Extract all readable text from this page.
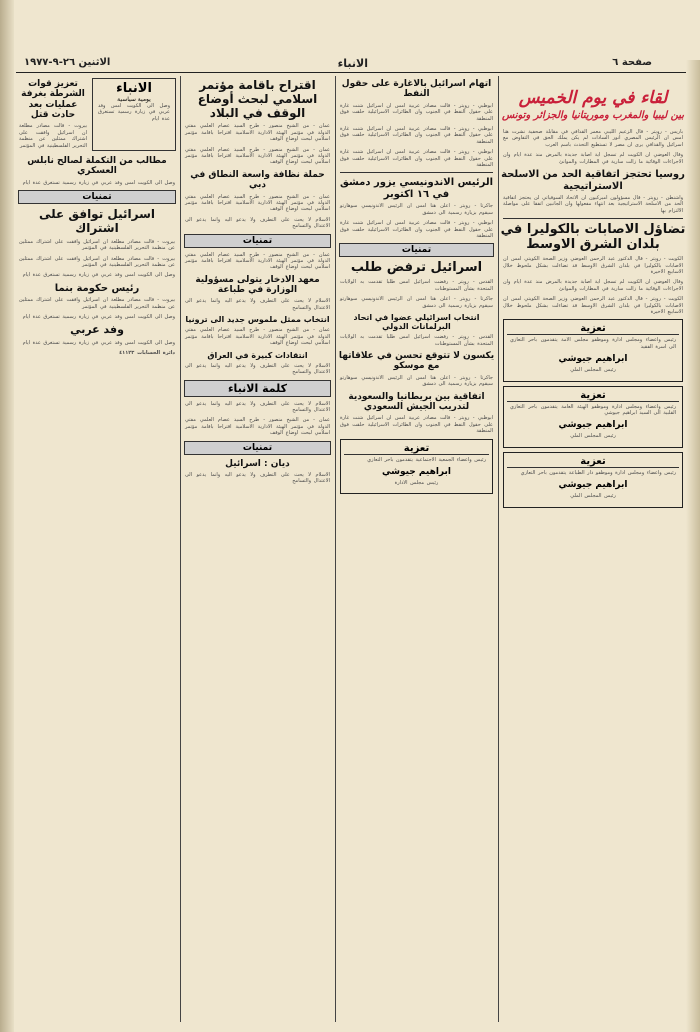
صفحة ٦
الانباء
الاثنين ٢٦-٩-١٩٧٧
لقاء في يوم الخميس
بين ليبيا والمغرب وموريتانيا والجزائر وتونس
باريس - رويتر - قال الزعيم الليبي معمر القذافي في مقابلة صحفية نشرت هنا امس ان الرئيس المصري انور السادات لم يكن يملك الحق في التفاوض مع اسرائيل والقذافي يرى ان مصر لا تستطيع التحدث باسم العرب
وقال العوضي ان الكويت لم تسجل اية اصابة جديدة بالمرض منذ عدة ايام وان الاجراءات الوقائية ما زالت سارية في المطارات والموانئ
روسيا تحتجز اتفاقية الحد من الاسلحة الاستراتيجية
واشنطن - رويتر - قال مسؤولون اميركيون ان الاتحاد السوفياتي لن يحتجز اتفاقية الحد من الاسلحة الاستراتيجية بعد انتهاء مفعولها وان الجانبين اتفقا على مواصلة الالتزام بها
تضاؤل الاصابات بالكوليرا في بلدان الشرق الاوسط
الكويت - رويتر - قال الدكتور عبد الرحمن العوضي وزير الصحة الكويتي امس ان الاصابات بالكوليرا في بلدان الشرق الاوسط قد تضاءلت بشكل ملحوظ خلال الاسابيع الاخيرة
وقال العوضي ان الكويت لم تسجل اية اصابة جديدة بالمرض منذ عدة ايام وان الاجراءات الوقائية ما زالت سارية في المطارات والموانئ
الكويت - رويتر - قال الدكتور عبد الرحمن العوضي وزير الصحة الكويتي امس ان الاصابات بالكوليرا في بلدان الشرق الاوسط قد تضاءلت بشكل ملحوظ خلال الاسابيع الاخيرة
تعزية
رئيس واعضاء ومجلس ادارة وموظفو مجلس الامة يتقدمون باحر التعازي الى اسرة الفقيد
ابراهيم جيوشي
رئيس المجلس الملي
تعزية
رئيس واعضاء ومجلس ادارة وموظفو الهيئة العامة يتقدمون باحر التعازي القلبية الى السيد ابراهيم جيوشي
ابراهيم جيوشي
رئيس المجلس الملي
تعزية
رئيس واعضاء ومجلس ادارة وموظفو دار الطباعة يتقدمون باحر التعازي
ابراهيم جيوشي
رئيس المجلس الملي
اتهام اسرائيل بالاغارة على حقول النفط
ابوظبي - رويتر - قالت مصادر عربية امس ان اسرائيل شنت غارة على حقول النفط في الجنوب وان الطائرات الاسرائيلية حلقت فوق المنطقة
ابوظبي - رويتر - قالت مصادر عربية امس ان اسرائيل شنت غارة على حقول النفط في الجنوب وان الطائرات الاسرائيلية حلقت فوق المنطقة
ابوظبي - رويتر - قالت مصادر عربية امس ان اسرائيل شنت غارة على حقول النفط في الجنوب وان الطائرات الاسرائيلية حلقت فوق المنطقة
الرئيس الاندونيسي يزور دمشق في ١٦ اكتوبر
جاكرتا - رويتر - اعلن هنا امس ان الرئيس الاندونيسي سوهارتو سيقوم بزيارة رسمية الى دمشق
ابوظبي - رويتر - قالت مصادر عربية امس ان اسرائيل شنت غارة على حقول النفط في الجنوب وان الطائرات الاسرائيلية حلقت فوق المنطقة
تمنيات
اسرائيل ترفض طلب
القدس - رويتر - رفضت اسرائيل امس طلبا تقدمت به الولايات المتحدة بشأن المستوطنات
جاكرتا - رويتر - اعلن هنا امس ان الرئيس الاندونيسي سوهارتو سيقوم بزيارة رسمية الى دمشق
انتخاب اسرائيلي عضوا في اتحاد البرلمانات الدولي
القدس - رويتر - رفضت اسرائيل امس طلبا تقدمت به الولايات المتحدة بشأن المستوطنات
يكسون لا تتوقع تحسن في علاقاتها مع موسكو
جاكرتا - رويتر - اعلن هنا امس ان الرئيس الاندونيسي سوهارتو سيقوم بزيارة رسمية الى دمشق
اتفاقية بين بريطانيا والسعودية لتدريب الجيش السعودي
ابوظبي - رويتر - قالت مصادر عربية امس ان اسرائيل شنت غارة على حقول النفط في الجنوب وان الطائرات الاسرائيلية حلقت فوق المنطقة
تعزية
رئيس واعضاء الجمعية الاجتماعية يتقدمون باحر التعازي
ابراهيم جيوشي
رئيس مجلس الادارة
اقتراح باقامة مؤتمر اسلامي لبحث أوضاع الوقف في البلاد
عمان - من الشيخ منصور - طرح السيد عصام العلمي مفتي الدولة في مؤتمر الهيئة الادارية الاسلامية اقتراحا باقامة مؤتمر اسلامي لبحث اوضاع الوقف
عمان - من الشيخ منصور - طرح السيد عصام العلمي مفتي الدولة في مؤتمر الهيئة الادارية الاسلامية اقتراحا باقامة مؤتمر اسلامي لبحث اوضاع الوقف
حملة نظافة واسعة النطاق في دبي
عمان - من الشيخ منصور - طرح السيد عصام العلمي مفتي الدولة في مؤتمر الهيئة الادارية الاسلامية اقتراحا باقامة مؤتمر اسلامي لبحث اوضاع الوقف
الاسلام لا يحث على التطرف ولا يدعو اليه وانما يدعو الى الاعتدال والتسامح
تمنيات
عمان - من الشيخ منصور - طرح السيد عصام العلمي مفتي الدولة في مؤتمر الهيئة الادارية الاسلامية اقتراحا باقامة مؤتمر اسلامي لبحث اوضاع الوقف
معهد الادخار يتولى مسؤولية الوزارة في طباعة
الاسلام لا يحث على التطرف ولا يدعو اليه وانما يدعو الى الاعتدال والتسامح
انتخاب ممثل ملموس جديد الى ترونيا
عمان - من الشيخ منصور - طرح السيد عصام العلمي مفتي الدولة في مؤتمر الهيئة الادارية الاسلامية اقتراحا باقامة مؤتمر اسلامي لبحث اوضاع الوقف
انتقادات كبيرة في العراق
الاسلام لا يحث على التطرف ولا يدعو اليه وانما يدعو الى الاعتدال والتسامح
كلمة الانباء
الاسلام لا يحث على التطرف ولا يدعو اليه وانما يدعو الى الاعتدال والتسامح
عمان - من الشيخ منصور - طرح السيد عصام العلمي مفتي الدولة في مؤتمر الهيئة الادارية الاسلامية اقتراحا باقامة مؤتمر اسلامي لبحث اوضاع الوقف
تمنيات
ديان : اسرائيل
الاسلام لا يحث على التطرف ولا يدعو اليه وانما يدعو الى الاعتدال والتسامح
الانباء
يومية سياسية
وصل الى الكويت امس وفد عربي في زيارة رسمية تستغرق عدة ايام
تعزيز قوات الشرطة بغرفة عمليات بعد حادث قتل
بيروت - قالت مصادر مطلعة ان اسرائيل وافقت على اشتراك ممثلين عن منظمة التحرير الفلسطينية في المؤتمر
مطالب من التكملة لصالح نابلس العسكري
وصل الى الكويت امس وفد عربي في زيارة رسمية تستغرق عدة ايام
تمنيات
اسرائيل توافق على اشتراك
بيروت - قالت مصادر مطلعة ان اسرائيل وافقت على اشتراك ممثلين عن منظمة التحرير الفلسطينية في المؤتمر
بيروت - قالت مصادر مطلعة ان اسرائيل وافقت على اشتراك ممثلين عن منظمة التحرير الفلسطينية في المؤتمر
وصل الى الكويت امس وفد عربي في زيارة رسمية تستغرق عدة ايام
رئيس حكومة بنما
بيروت - قالت مصادر مطلعة ان اسرائيل وافقت على اشتراك ممثلين عن منظمة التحرير الفلسطينية في المؤتمر
وصل الى الكويت امس وفد عربي في زيارة رسمية تستغرق عدة ايام
وفد عربي
وصل الى الكويت امس وفد عربي في زيارة رسمية تستغرق عدة ايام
دائرة الحسابات ٤١١٢٣
